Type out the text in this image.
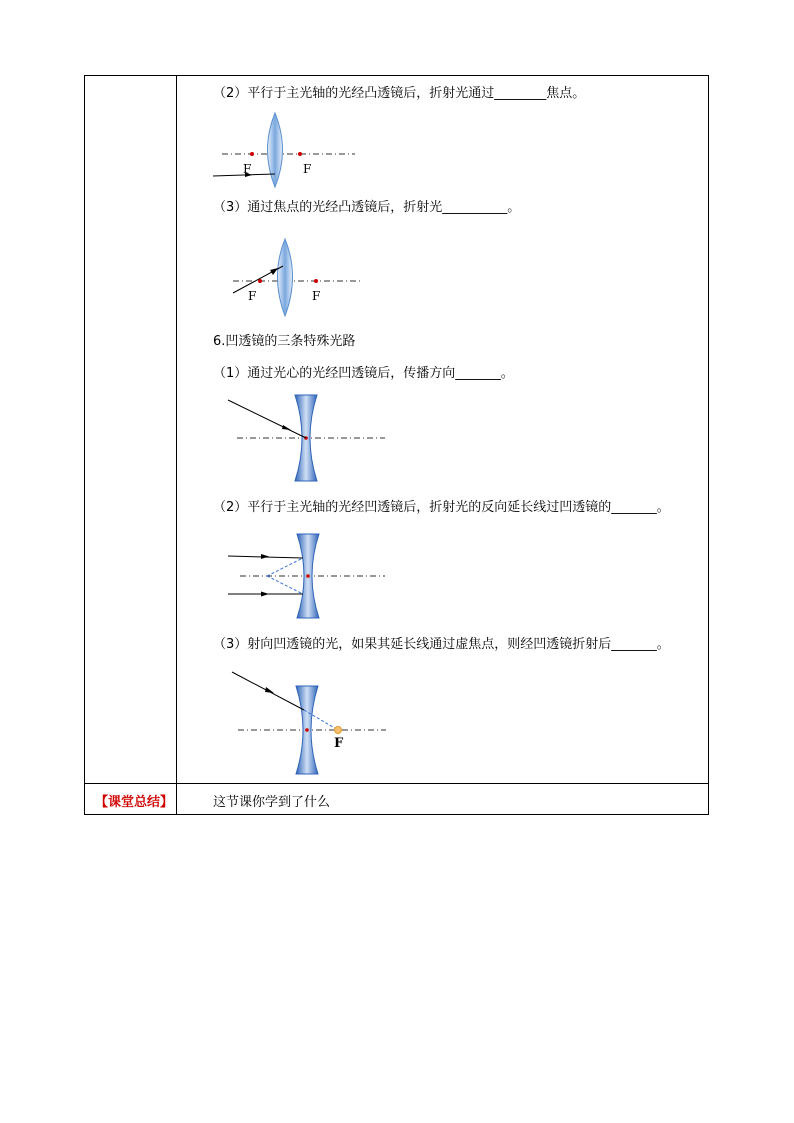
（2）平行于主光轴的光经凸透镜后，折射光通过________焦点。
F	F
（3）通过焦点的光经凸透镜后，折射光__________。
F	F
6.凹透镜的三条特殊光路
（1）通过光心的光经凹透镜后，传播方向_______。
（2）平行于主光轴的光经凹透镜后，折射光的反向延长线过凹透镜的_______。
（3）射向凹透镜的光，如果其延长线通过虚焦点，则经凹透镜折射后_______。
F
【课堂总结】	这节课你学到了什么
